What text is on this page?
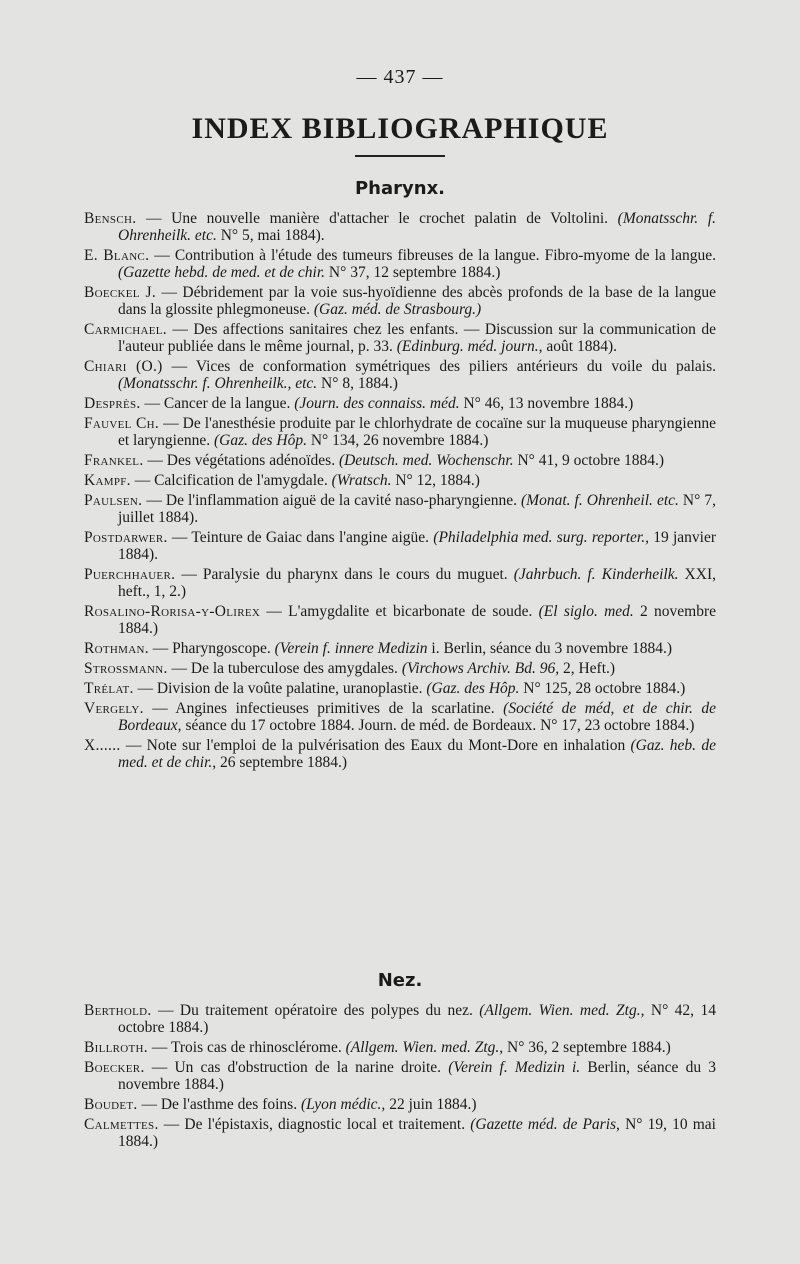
— 437 —
INDEX BIBLIOGRAPHIQUE
Pharynx.

Bensch. — Une nouvelle manière d'attacher le crochet palatin de Voltolini. (Monatsschr. f. Ohrenheilk. etc. N° 5, mai 1884).

E. Blanc. — Contribution à l'étude des tumeurs fibreuses de la langue. Fibro-myome de la langue. (Gazette hebd. de med. et de chir. N° 37, 12 septembre 1884.)

Boeckel J. — Débridement par la voie sus-hyoïdienne des abcès profonds de la base de la langue dans la glossite phlegmoneuse. (Gaz. méd. de Strasbourg.)

Carmichael. — Des affections sanitaires chez les enfants. — Discussion sur la communication de l'auteur publiée dans le même journal, p. 33. (Edinburg. méd. journ., août 1884).

Chiari (O.) — Vices de conformation symétriques des piliers antérieurs du voile du palais. (Monatsschr. f. Ohrenheilk., etc. N° 8, 1884.)

Desprès. — Cancer de la langue. (Journ. des connaiss. méd. N° 46, 13 novembre 1884.)

Fauvel Ch. — De l'anesthésie produite par le chlorhydrate de cocaïne sur la muqueuse pharyngienne et laryngienne. (Gaz. des Hôp. N° 134, 26 novembre 1884.)

Frankel. — Des végétations adénoïdes. (Deutsch. med. Wochenschr. N° 41, 9 octobre 1884.)

Kampf. — Calcification de l'amygdale. (Wratsch. N° 12, 1884.)

Paulsen. — De l'inflammation aiguë de la cavité naso-pharyngienne. (Monat. f. Ohrenheil. etc. N° 7, juillet 1884).

Postdarwer. — Teinture de Gaiac dans l'angine aigüe. (Philadelphia med. surg. reporter., 19 janvier 1884).

Puerchhauer. — Paralysie du pharynx dans le cours du muguet. (Jahrbuch. f. Kinderheilk. XXI, heft., 1, 2.)

Rosalino-Rorisa-y-Olirex — L'amygdalite et bicarbonate de soude. (El siglo. med. 2 novembre 1884.)

Rothman. — Pharyngoscope. (Verein f. innere Medizin i. Berlin, séance du 3 novembre 1884.)

Strossmann. — De la tuberculose des amygdales. (Virchows Archiv. Bd. 96, 2, Heft.)

Trélat. — Division de la voûte palatine, uranoplastie. (Gaz. des Hôp. N° 125, 28 octobre 1884.)

Vergely. — Angines infectieuses primitives de la scarlatine. (Société de méd, et de chir. de Bordeaux, séance du 17 octobre 1884. Journ. de méd. de Bordeaux. N° 17, 23 octobre 1884.)

X...... — Note sur l'emploi de la pulvérisation des Eaux du Mont-Dore en inhalation (Gaz. heb. de med. et de chir., 26 septembre 1884.)

Nez.

Berthold. — Du traitement opératoire des polypes du nez. (Allgem. Wien. med. Ztg., N° 42, 14 octobre 1884.)

Billroth. — Trois cas de rhinosclérome. (Allgem. Wien. med. Ztg., N° 36, 2 septembre 1884.)

Boecker. — Un cas d'obstruction de la narine droite. (Verein f. Medizin i. Berlin, séance du 3 novembre 1884.)

Boudet. — De l'asthme des foins. (Lyon médic., 22 juin 1884.)

Calmettes. — De l'épistaxis, diagnostic local et traitement. (Gazette méd. de Paris, N° 19, 10 mai 1884.)
